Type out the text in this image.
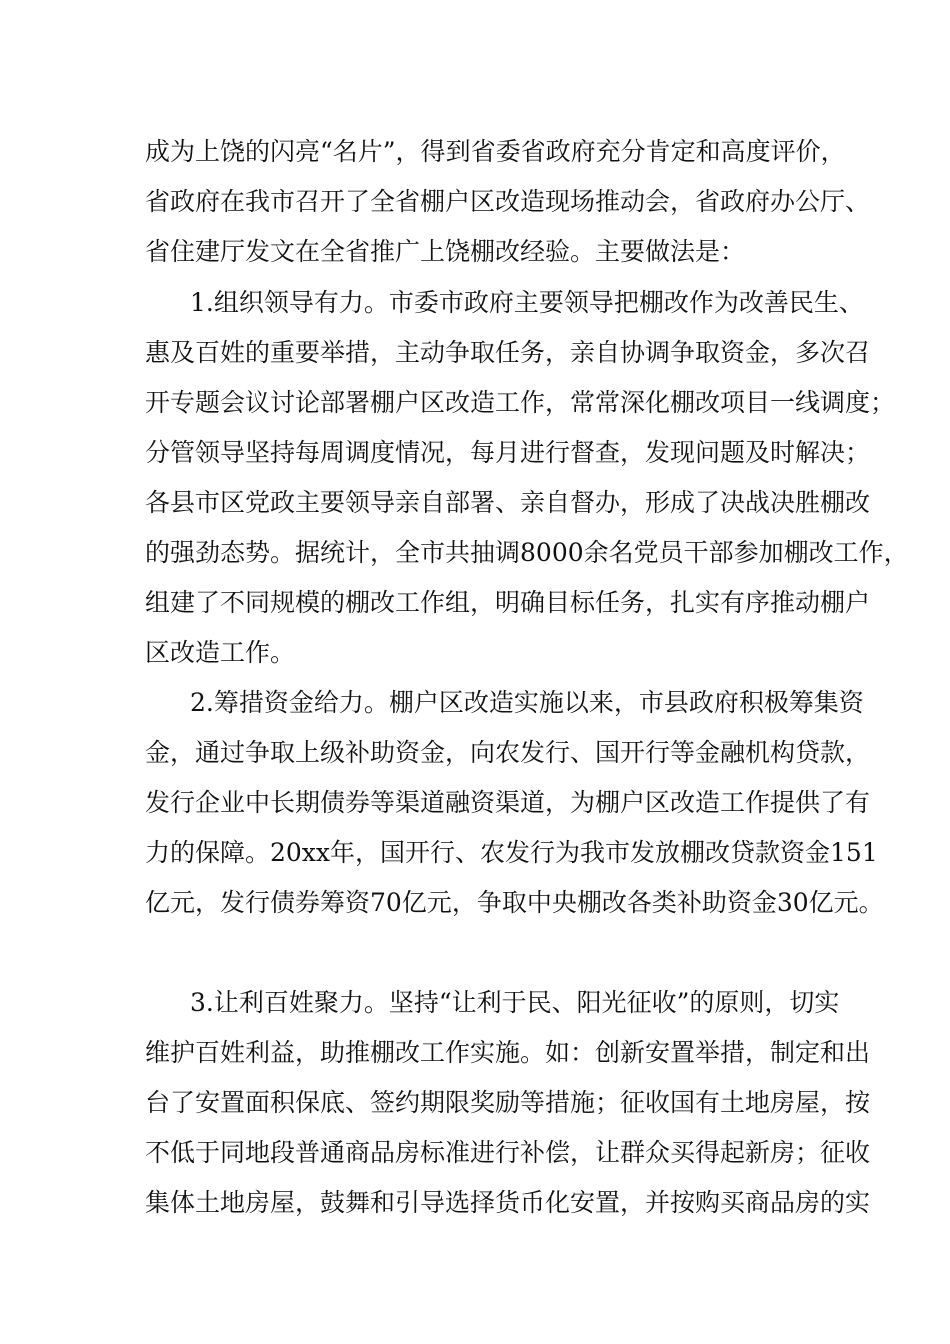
成为上饶的闪亮“名片”，得到省委省政府充分肯定和高度评价，
省政府在我市召开了全省棚户区改造现场推动会，省政府办公厅、
省住建厅发文在全省推广上饶棚改经验。主要做法是：
1.组织领导有力。市委市政府主要领导把棚改作为改善民生、
惠及百姓的重要举措，主动争取任务，亲自协调争取资金，多次召
开专题会议讨论部署棚户区改造工作，常常深化棚改项目一线调度；
分管领导坚持每周调度情况，每月进行督查，发现问题及时解决；
各县市区党政主要领导亲自部署、亲自督办，形成了决战决胜棚改
的强劲态势。据统计，全市共抽调8000余名党员干部参加棚改工作，
组建了不同规模的棚改工作组，明确目标任务，扎实有序推动棚户
区改造工作。
2.筹措资金给力。棚户区改造实施以来，市县政府积极筹集资
金，通过争取上级补助资金，向农发行、国开行等金融机构贷款，
发行企业中长期债券等渠道融资渠道，为棚户区改造工作提供了有
力的保障。20xx年，国开行、农发行为我市发放棚改贷款资金151
亿元，发行债券筹资70亿元，争取中央棚改各类补助资金30亿元。
3.让利百姓聚力。坚持“让利于民、阳光征收”的原则，切实
维护百姓利益，助推棚改工作实施。如：创新安置举措，制定和出
台了安置面积保底、签约期限奖励等措施；征收国有土地房屋，按
不低于同地段普通商品房标准进行补偿，让群众买得起新房；征收
集体土地房屋，鼓舞和引导选择货币化安置，并按购买商品房的实
